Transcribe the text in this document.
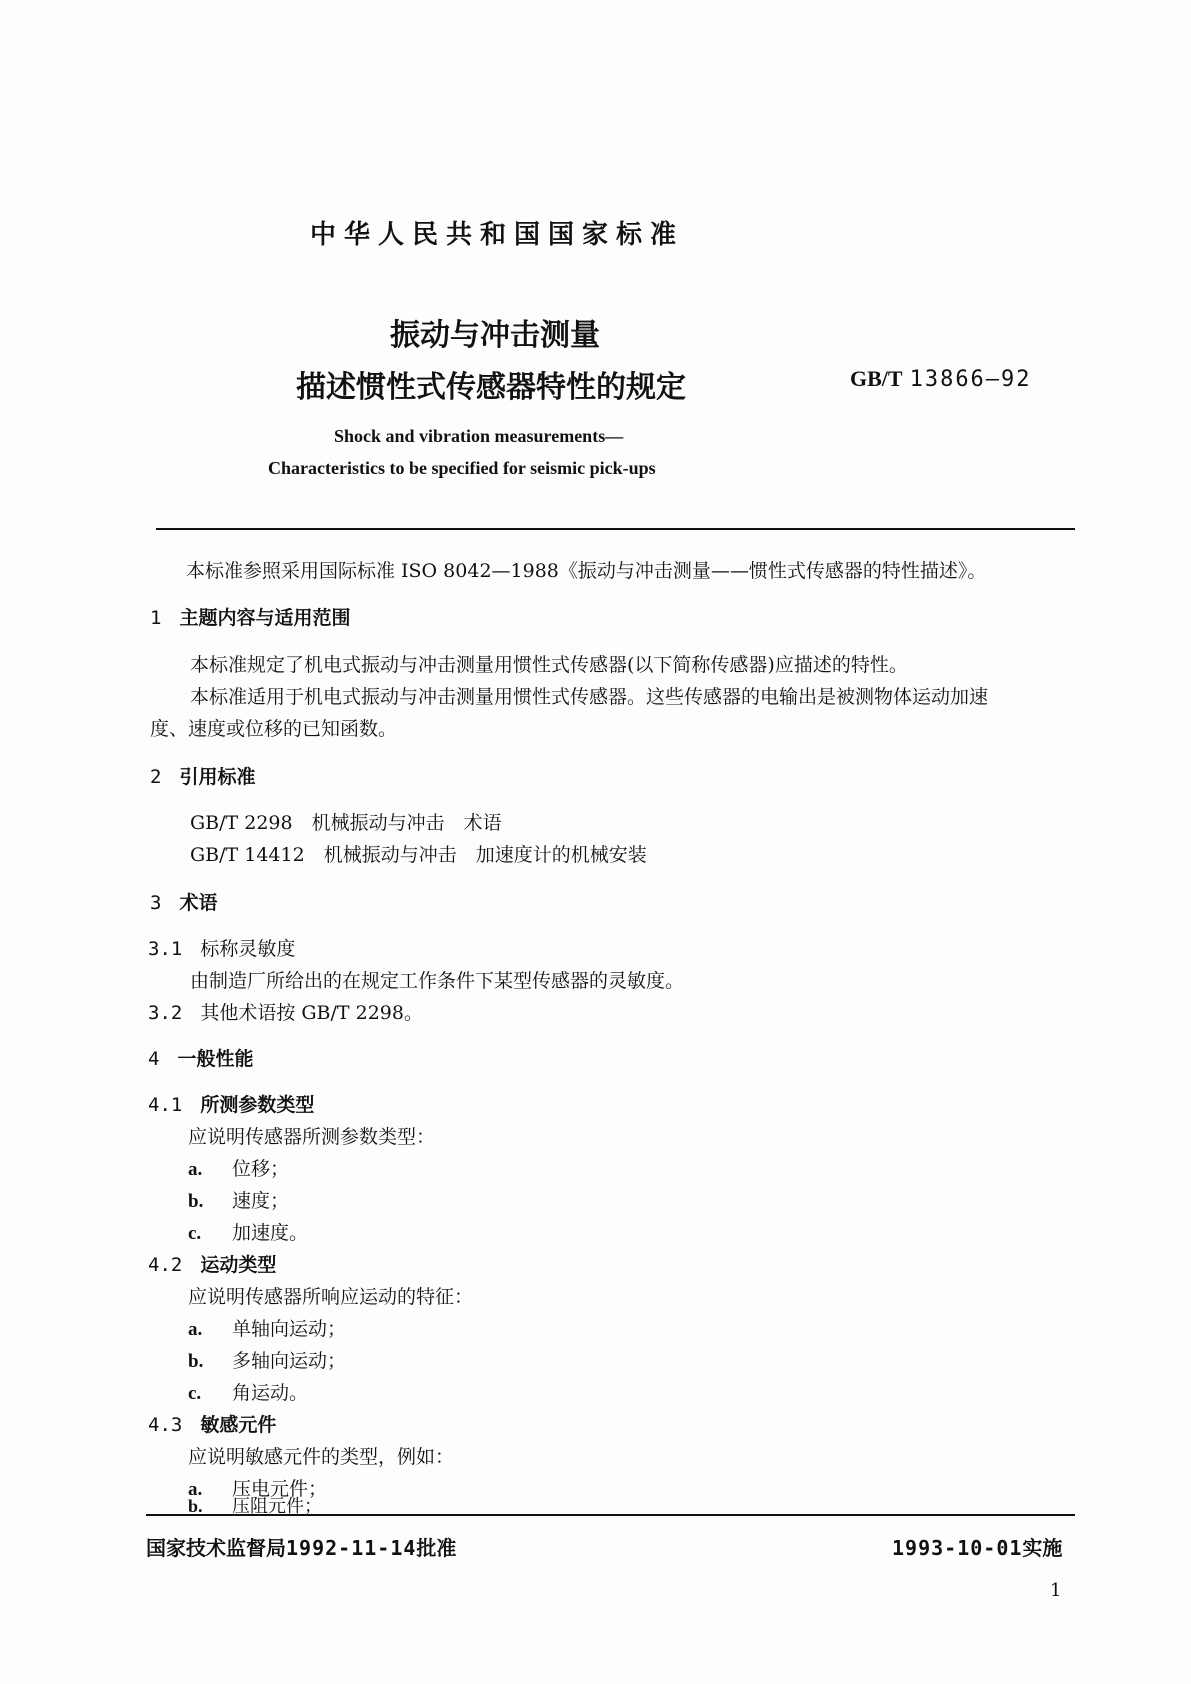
中华人民共和国国家标准
振动与冲击测量
描述惯性式传感器特性的规定	GB/T 13866—92
Shock and vibration measurements—
Characteristics to be specified for seismic pick-ups
本标准参照采用国际标准 ISO 8042—1988《振动与冲击测量——惯性式传感器的特性描述》。
1 主题内容与适用范围
本标准规定了机电式振动与冲击测量用惯性式传感器(以下简称传感器)应描述的特性。
本标准适用于机电式振动与冲击测量用惯性式传感器。这些传感器的电输出是被测物体运动加速
度、速度或位移的已知函数。
2 引用标准
GB/T 2298　机械振动与冲击　术语
GB/T 14412　机械振动与冲击　加速度计的机械安装
3 术语
3.1 标称灵敏度
由制造厂所给出的在规定工作条件下某型传感器的灵敏度。
3.2 其他术语按 GB/T 2298。
4 一般性能
4.1 所测参数类型
应说明传感器所测参数类型：
a. 位移；
b. 速度；
c. 加速度。
4.2 运动类型
应说明传感器所响应运动的特征：
a. 单轴向运动；
b. 多轴向运动；
c. 角运动。
4.3 敏感元件
应说明敏感元件的类型，例如：
a. 压电元件；
b. 压阻元件；
国家技术监督局1992-11-14批准	1993-10-01实施
1
